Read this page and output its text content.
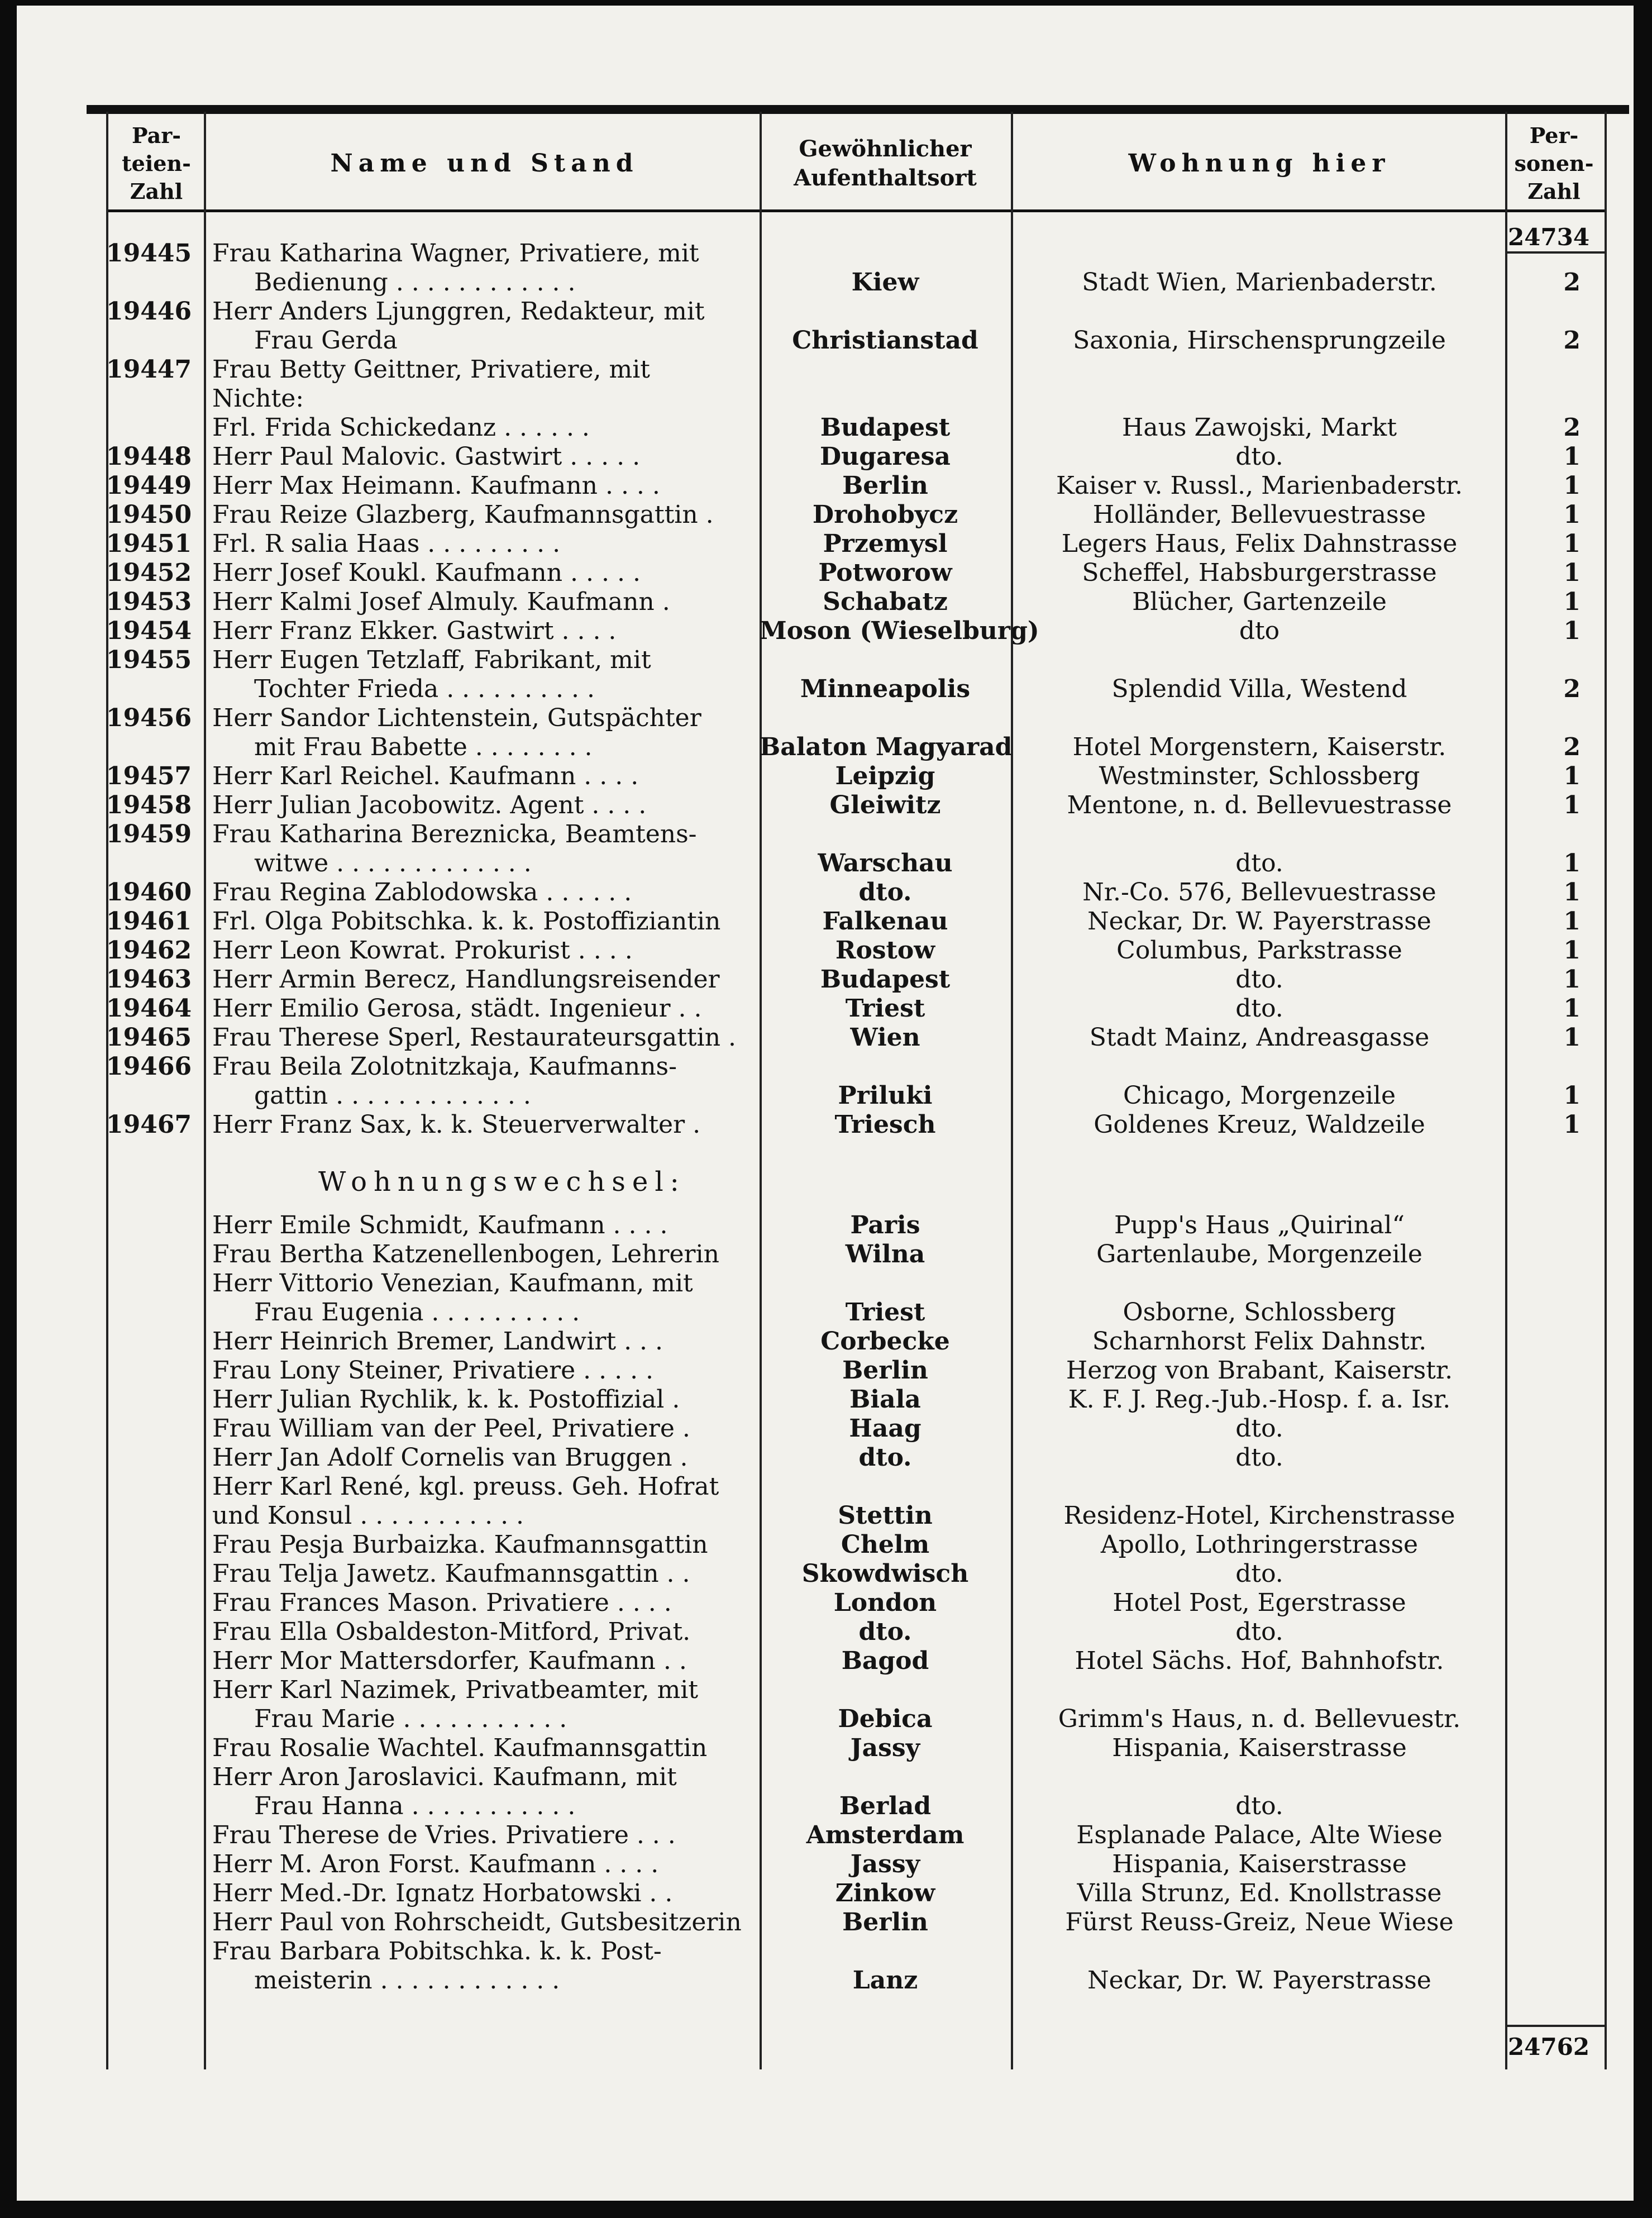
Par-teien-Zahl
Name und Stand
Gewöhnlicher Aufenthaltsort	Wohnung hier
Per-sonen-Zahl
24734
19445 Frau Katharina Wagner, Privatiere, mit
Bedienung . . . . . . . . . . . .	Kiew	Stadt Wien, Marienbaderstr.	2
19446 Herr Anders Ljunggren, Redakteur, mit
Frau Gerda	Christianstad	Saxonia, Hirschensprungzeile	2
19447 Frau Betty Geittner, Privatiere, mit
Nichte:
Frl. Frida Schickedanz . . . . . .	Budapest	Haus Zawojski, Markt	2
19448 Herr Paul Malovic. Gastwirt . . . . .	Dugaresa	dto.	1
19449 Herr Max Heimann. Kaufmann . . . .	Berlin	Kaiser v. Russl., Marienbaderstr.	1
19450 Frau Reize Glazberg, Kaufmannsgattin .	Drohobycz	Holländer, Bellevuestrasse	1
19451 Frl. R salia Haas . . . . . . . . .	Przemysl	Legers Haus, Felix Dahnstrasse	1
19452 Herr Josef Koukl. Kaufmann . . . . .	Potworow	Scheffel, Habsburgerstrasse	1
19453 Herr Kalmi Josef Almuly. Kaufmann .	Schabatz	Blücher, Gartenzeile	1
19454 Herr Franz Ekker. Gastwirt . . . .	Moson (Wieselburg)	dto	1
19455 Herr Eugen Tetzlaff, Fabrikant, mit
Tochter Frieda . . . . . . . . . .	Minneapolis	Splendid Villa, Westend	2
19456 Herr Sandor Lichtenstein, Gutspächter
mit Frau Babette . . . . . . . .	Balaton Magyarad	Hotel Morgenstern, Kaiserstr.	2
19457 Herr Karl Reichel. Kaufmann . . . .	Leipzig	Westminster, Schlossberg	1
19458 Herr Julian Jacobowitz. Agent . . . .	Gleiwitz	Mentone, n. d. Bellevuestrasse	1
19459 Frau Katharina Bereznicka, Beamtens-
witwe . . . . . . . . . . . . .	Warschau	dto.	1
19460 Frau Regina Zablodowska . . . . . .	dto.	Nr.-Co. 576, Bellevuestrasse	1
19461 Frl. Olga Pobitschka. k. k. Postoffiziantin	Falkenau	Neckar, Dr. W. Payerstrasse	1
19462 Herr Leon Kowrat. Prokurist . . . .	Rostow	Columbus, Parkstrasse	1
19463 Herr Armin Berecz, Handlungsreisender	Budapest	dto.	1
19464 Herr Emilio Gerosa, städt. Ingenieur . .	Triest	dto.	1
19465 Frau Therese Sperl, Restaurateursgattin .	Wien	Stadt Mainz, Andreasgasse	1
19466 Frau Beila Zolotnitzkaja, Kaufmanns-
gattin . . . . . . . . . . . . .	Priluki	Chicago, Morgenzeile	1
19467 Herr Franz Sax, k. k. Steuerverwalter .	Triesch	Goldenes Kreuz, Waldzeile	1
Wohnungswechsel:
Herr Emile Schmidt, Kaufmann . . . .	Paris	Pupp's Haus „Quirinal“
Frau Bertha Katzenellenbogen, Lehrerin	Wilna	Gartenlaube, Morgenzeile
Herr Vittorio Venezian, Kaufmann, mit
Frau Eugenia . . . . . . . . . .	Triest	Osborne, Schlossberg
Herr Heinrich Bremer, Landwirt . . .	Corbecke	Scharnhorst Felix Dahnstr.
Frau Lony Steiner, Privatiere . . . . .	Berlin	Herzog von Brabant, Kaiserstr.
Herr Julian Rychlik, k. k. Postoffizial .	Biala	K. F. J. Reg.-Jub.-Hosp. f. a. Isr.
Frau William van der Peel, Privatiere .	Haag	dto.
Herr Jan Adolf Cornelis van Bruggen .	dto.	dto.
Herr Karl René, kgl. preuss. Geh. Hofrat
und Konsul . . . . . . . . . . .	Stettin	Residenz-Hotel, Kirchenstrasse
Frau Pesja Burbaizka. Kaufmannsgattin	Chelm	Apollo, Lothringerstrasse
Frau Telja Jawetz. Kaufmannsgattin . .	Skowdwisch	dto.
Frau Frances Mason. Privatiere . . . .	London	Hotel Post, Egerstrasse
Frau Ella Osbaldeston-Mitford, Privat.	dto.	dto.
Herr Mor Mattersdorfer, Kaufmann . .	Bagod	Hotel Sächs. Hof, Bahnhofstr.
Herr Karl Nazimek, Privatbeamter, mit
Frau Marie . . . . . . . . . . .	Debica	Grimm's Haus, n. d. Bellevuestr.
Frau Rosalie Wachtel. Kaufmannsgattin	Jassy	Hispania, Kaiserstrasse
Herr Aron Jaroslavici. Kaufmann, mit
Frau Hanna . . . . . . . . . . .	Berlad	dto.
Frau Therese de Vries. Privatiere . . .	Amsterdam	Esplanade Palace, Alte Wiese
Herr M. Aron Forst. Kaufmann . . . .	Jassy	Hispania, Kaiserstrasse
Herr Med.-Dr. Ignatz Horbatowski . .	Zinkow	Villa Strunz, Ed. Knollstrasse
Herr Paul von Rohrscheidt, Gutsbesitzerin	Berlin	Fürst Reuss-Greiz, Neue Wiese
Frau Barbara Pobitschka. k. k. Post-
meisterin . . . . . . . . . . . .	Lanz	Neckar, Dr. W. Payerstrasse
24762
